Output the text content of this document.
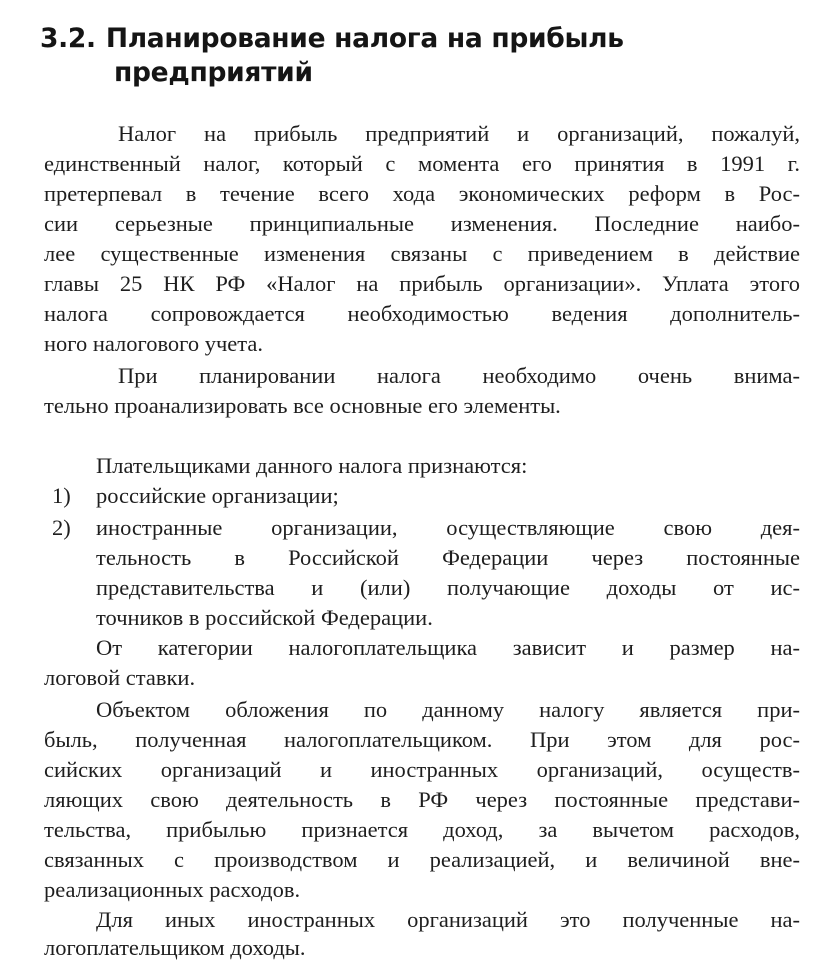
3.2. Планирование налога на прибыль
предприятий
Налог на прибыль предприятий и организаций, пожалуй,
единственный налог, который с момента его принятия в 1991 г.
претерпевал в течение всего хода экономических реформ в Рос-
сии серьезные принципиальные изменения. Последние наибо-
лее существенные изменения связаны с приведением в действие
главы 25 НК РФ «Налог на прибыль организации». Уплата этого
налога сопровождается необходимостью ведения дополнитель-
ного налогового учета.
При планировании налога необходимо очень внима-
тельно проанализировать все основные его элементы.
Плательщиками данного налога признаются:
1) российские организации;
2) иностранные организации, осуществляющие свою дея-
тельность в Российской Федерации через постоянные
представительства и (или) получающие доходы от ис-
точников в российской Федерации.
От категории налогоплательщика зависит и размер на-
логовой ставки.
Объектом обложения по данному налогу является при-
быль, полученная налогоплательщиком. При этом для рос-
сийских организаций и иностранных организаций, осуществ-
ляющих свою деятельность в РФ через постоянные представи-
тельства, прибылью признается доход, за вычетом расходов,
связанных с производством и реализацией, и величиной вне-
реализационных расходов.
Для иных иностранных организаций это полученные на-
логоплательщиком доходы.
